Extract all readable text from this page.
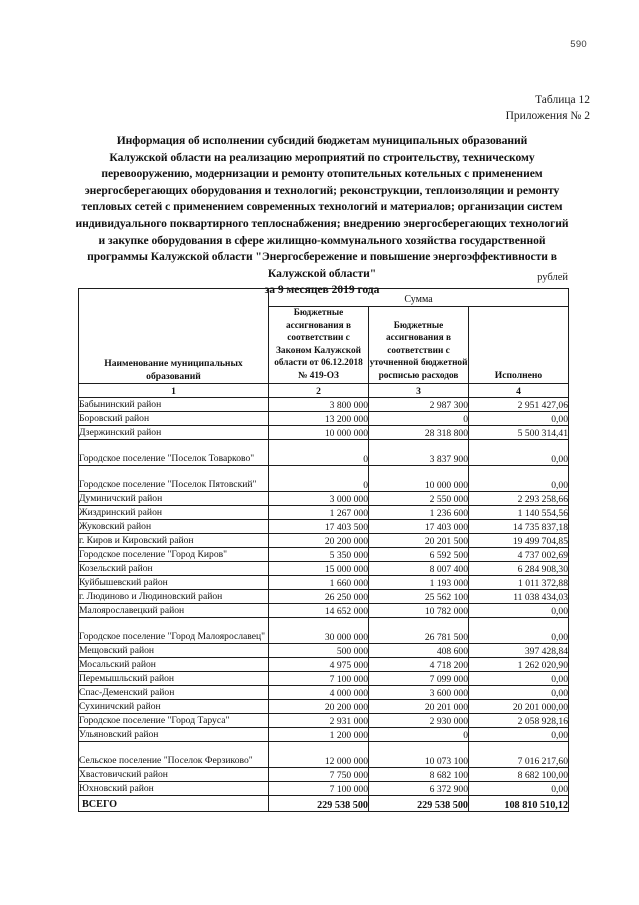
590
Таблица 12
Приложения № 2
Информация об исполнении субсидий бюджетам муниципальных образований
Калужской области на реализацию мероприятий по строительству, техническому
перевооружению, модернизации и ремонту отопительных котельных с применением
энергосберегающих оборудования и технологий; реконструкции, теплоизоляции и ремонту
тепловых сетей с применением современных технологий и материалов; организации систем
индивидуального поквартирного теплоснабжения; внедрению энергосберегающих технологий
и закупке оборудования в сфере жилищно-коммунального хозяйства государственной
программы Калужской области "Энергосбережение и повышение энергоэффективности в
Калужской области"
за 9 месяцев 2019 года
рублей
Наименование муниципальных образований	Сумма		
	Бюджетные ассигнования в соответствии с Законом Калужской области от 06.12.2018 № 419-ОЗ	Бюджетные ассигнования в соответствии с уточненной бюджетной росписью расходов	Исполнено
1	2	3	4
Бабынинский район	3 800 000	2 987 300	2 951 427,06
Боровский район	13 200 000	0	0,00
Дзержинский район	10 000 000	28 318 800	5 500 314,41
Городское поселение "Поселок Товарково"	0	3 837 900	0,00
Городское поселение "Поселок Пятовский"	0	10 000 000	0,00
Думиничский район	3 000 000	2 550 000	2 293 258,66
Жиздринский район	1 267 000	1 236 600	1 140 554,56
Жуковский район	17 403 500	17 403 000	14 735 837,18
г. Киров и Кировский район	20 200 000	20 201 500	19 499 704,85
Городское поселение "Город Киров"	5 350 000	6 592 500	4 737 002,69
Козельский район	15 000 000	8 007 400	6 284 908,30
Куйбышевский район	1 660 000	1 193 000	1 011 372,88
г. Людиново и Людиновский район	26 250 000	25 562 100	11 038 434,03
Малоярославецкий район	14 652 000	10 782 000	0,00
Городское поселение "Город Малоярославец"	30 000 000	26 781 500	0,00
Мещовский район	500 000	408 600	397 428,84
Мосальский район	4 975 000	4 718 200	1 262 020,90
Перемышльский район	7 100 000	7 099 000	0,00
Спас-Деменский район	4 000 000	3 600 000	0,00
Сухиничский район	20 200 000	20 201 000	20 201 000,00
Городское поселение "Город Таруса"	2 931 000	2 930 000	2 058 928,16
Ульяновский район	1 200 000	0	0,00
Сельское поселение "Поселок Ферзиково"	12 000 000	10 073 100	7 016 217,60
Хвастовичский район	7 750 000	8 682 100	8 682 100,00
Юхновский район	7 100 000	6 372 900	0,00
ВСЕГО	229 538 500	229 538 500	108 810 510,12
